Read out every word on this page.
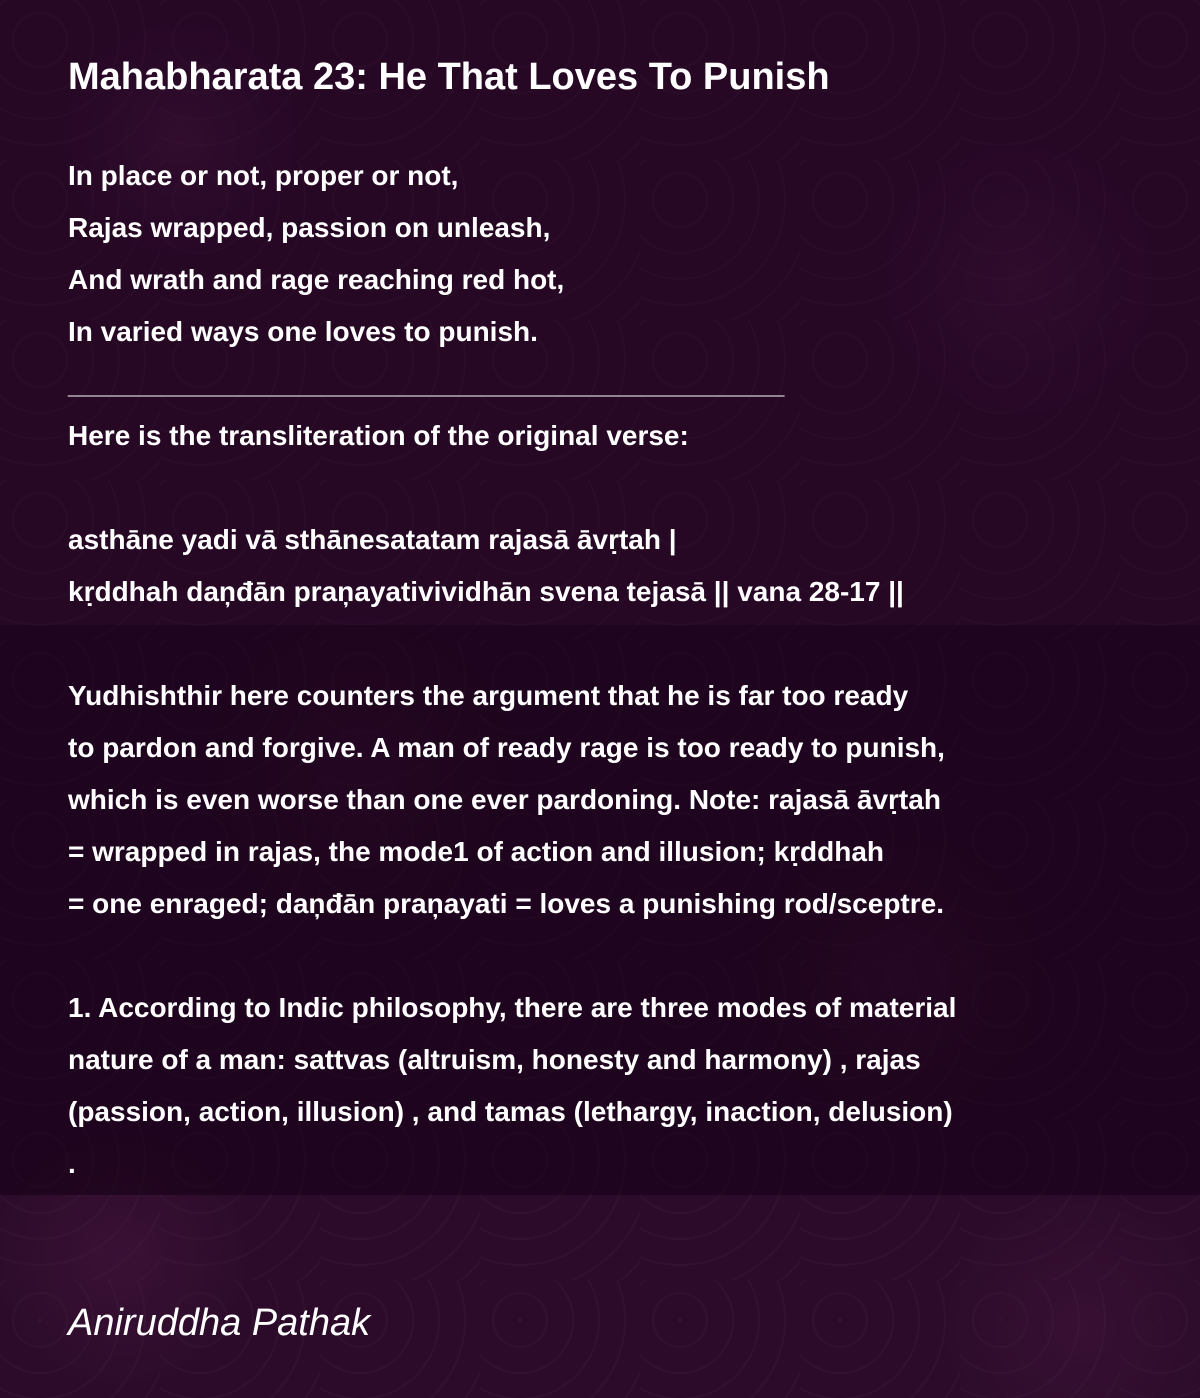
Mahabharata 23: He That Loves To Punish
In place or not, proper or not,
Rajas wrapped, passion on unleash,
And wrath and rage reaching red hot,
In varied ways one loves to punish.
______________________________________________
Here is the transliteration of the original verse:
asthāne yadi vā sthānesatatam rajasā āvṛtah |
kṛddhah daņđān praņayativividhān svena tejasā || vana 28-17 ||
Yudhishthir here counters the argument that he is far too ready
to pardon and forgive. A man of ready rage is too ready to punish,
which is even worse than one ever pardoning. Note: rajasā āvṛtah
= wrapped in rajas, the mode1 of action and illusion; kṛddhah
= one enraged; daņđān praņayati = loves a punishing rod/sceptre.
1. According to Indic philosophy, there are three modes of material
nature of a man: sattvas (altruism, honesty and harmony) , rajas
(passion, action, illusion) , and tamas (lethargy, inaction, delusion)
.
Aniruddha Pathak
